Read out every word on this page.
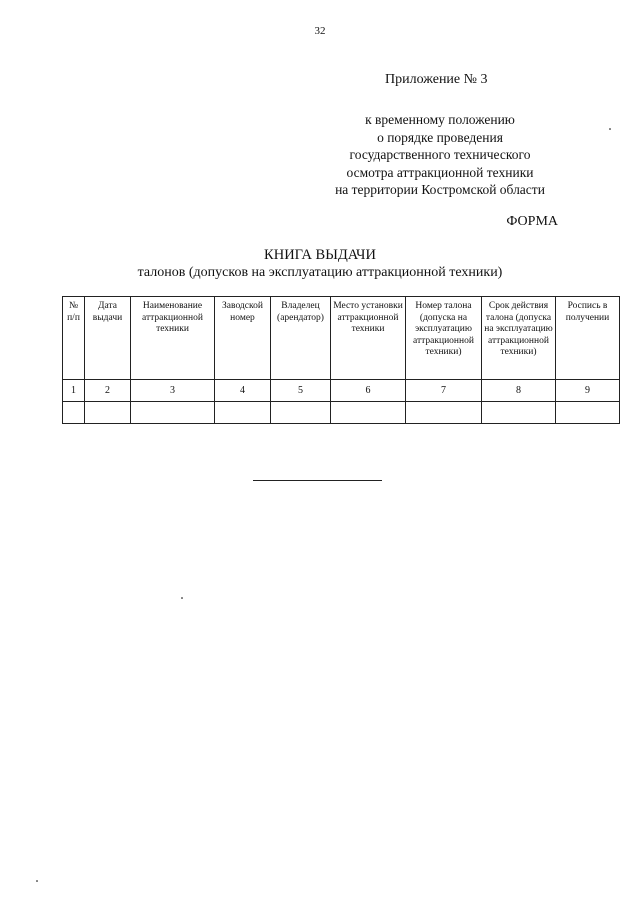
32
Приложение № 3
к временному положению
о порядке проведения
государственного технического
осмотра аттракционной техники
на территории Костромской области
ФОРМА
КНИГА ВЫДАЧИ
талонов (допусков на эксплуатацию аттракционной техники)
№ п/п	Дата выдачи	Наименование аттракционной техники	Заводской номер	Владелец (арендатор)	Место установки аттракционной техники	Номер талона (допуска на эксплуатацию аттракционной техники)	Срок действия талона (допуска на эксплуатацию аттракционной техники)	Роспись в получении
1	2	3	4	5	6	7	8	9
